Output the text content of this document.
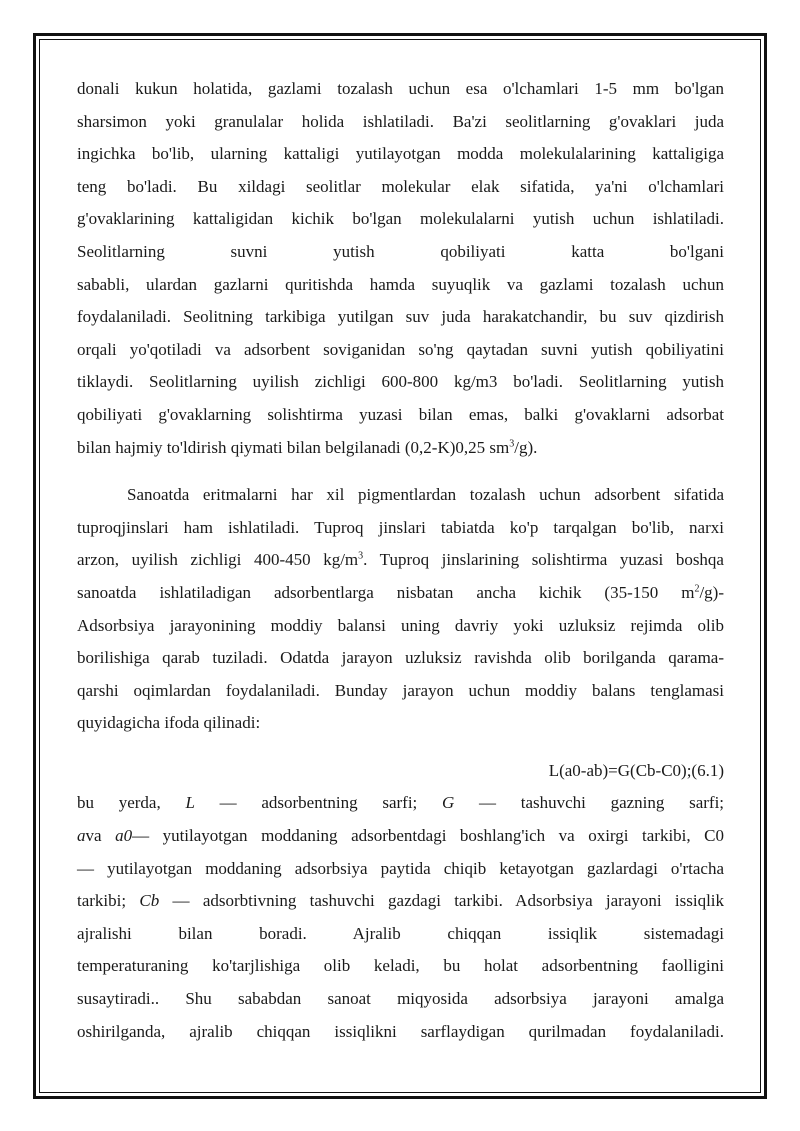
donali kukun holatida, gazlami tozalash uchun esa o'lchamlari 1-5 mm bo'lgan
sharsimon yoki granulalar holida ishlatiladi. Ba'zi seolitlarning g'ovaklari juda
ingichka bo'lib, ularning kattaligi yutilayotgan modda molekulalarining kattaligiga
teng bo'ladi. Bu xildagi seolitlar molekular elak sifatida, ya'ni o'lchamlari
g'ovaklarining kattaligidan kichik bo'lgan molekulalarni yutish uchun ishlatiladi.
Seolitlarning suvni yutish qobiliyati katta bo'lgani
sababli, ulardan gazlarni quritishda hamda suyuqlik va gazlami tozalash uchun
foydalaniladi. Seolitning tarkibiga yutilgan suv juda harakatchandir, bu suv qizdirish
orqali yo'qotiladi va adsorbent soviganidan so'ng qaytadan suvni yutish qobiliyatini
tiklaydi. Seolitlarning uyilish zichligi 600-800 kg/m3 bo'ladi. Seolitlarning yutish
qobiliyati g'ovaklarning solishtirma yuzasi bilan emas, balki g'ovaklarni adsorbat
bilan hajmiy to'ldirish qiymati bilan belgilanadi (0,2-K)0,25 $sm^3/g$).
Sanoatda eritmalarni har xil pigmentlardan tozalash uchun adsorbent sifatida
tuproqjinslari ham ishlatiladi. Tuproq jinslari tabiatda ko'p tarqalgan bo'lib, narxi
arzon, uyilish zichligi 400-450 $kg/m^3$. Tuproq jinslarining solishtirma yuzasi boshqa
sanoatda ishlatiladigan adsorbentlarga nisbatan ancha kichik (35-150 $m^2/g)-$
Adsorbsiya jarayonining moddiy balansi uning davriy yoki uzluksiz rejimda olib
borilishiga qarab tuziladi. Odatda jarayon uzluksiz ravishda olib borilganda qarama-
qarshi oqimlardan foydalaniladi. Bunday jarayon uchun moddiy balans tenglamasi
quyidagicha ifoda qilinadi:
L(a0-ab)=G(Cb-C0);(6.1)
bu yerda, L — adsorbentning sarfi; G — tashuvchi gazning sarfi;
ava a0— yutilayotgan moddaning adsorbentdagi boshlang'ich va oxirgi tarkibi, C0
— yutilayotgan moddaning adsorbsiya paytida chiqib ketayotgan gazlardagi o'rtacha
tarkibi; Cb — adsorbtivning tashuvchi gazdagi tarkibi. Adsorbsiya jarayoni issiqlik
ajralishi bilan boradi. Ajralib chiqqan issiqlik sistemadagi
temperaturaning ko'tarjlishiga olib keladi, bu holat adsorbentning faolligini
susaytiradi.. Shu sababdan sanoat miqyosida adsorbsiya jarayoni amalga
oshirilganda, ajralib chiqqan issiqlikni sarflaydigan qurilmadan foydalaniladi.
